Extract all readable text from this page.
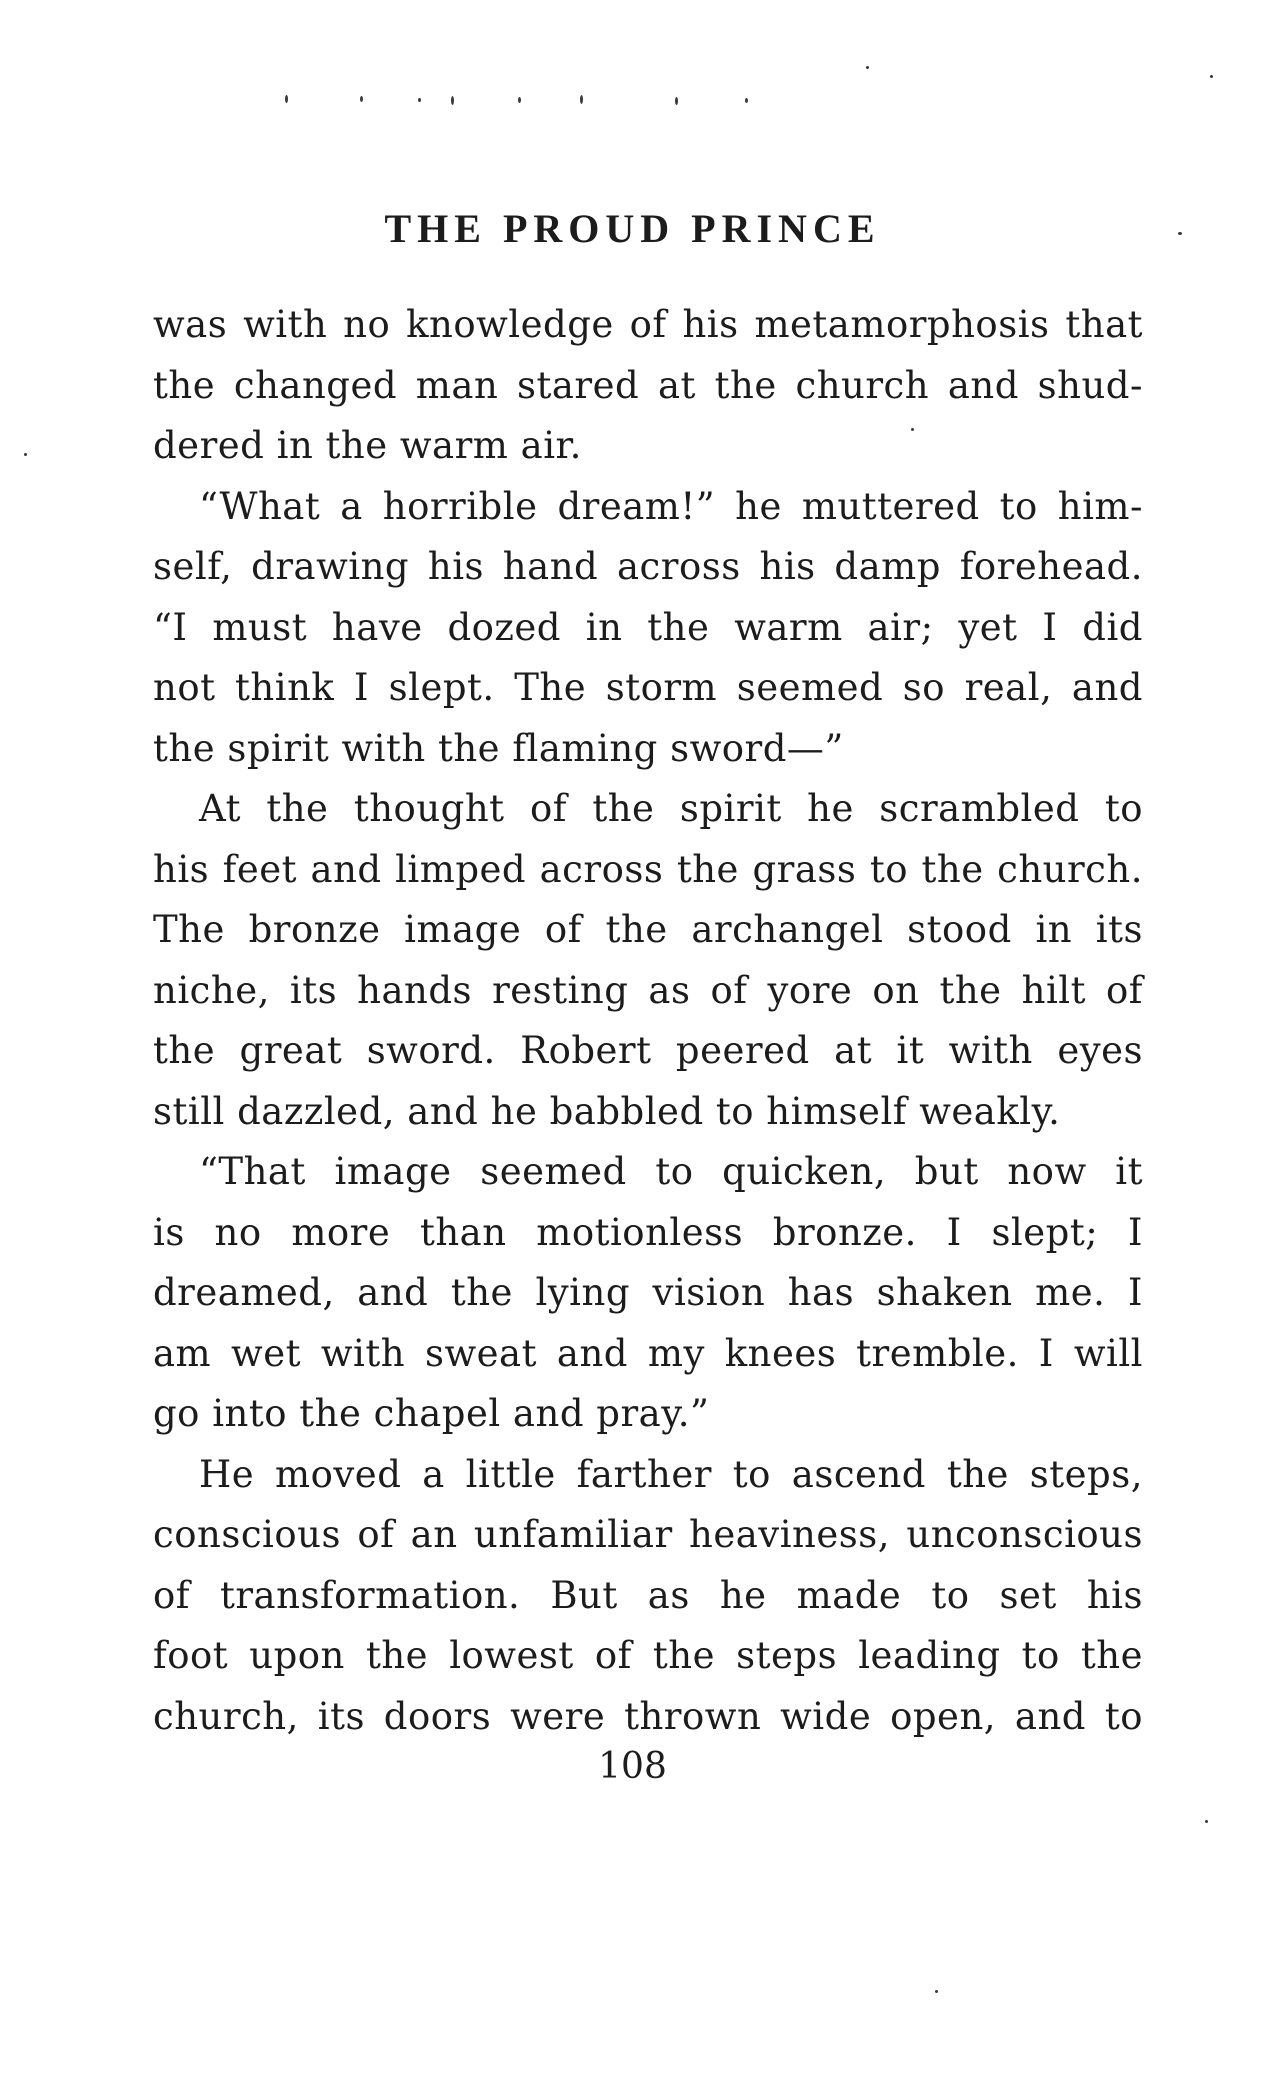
THE PROUD PRINCE
was with no knowledge of his metamorphosis that
the changed man stared at the church and shud-
dered in the warm air.
“What a horrible dream!” he muttered to him-
self, drawing his hand across his damp forehead.
“I must have dozed in the warm air; yet I did
not think I slept. The storm seemed so real, and
the spirit with the flaming sword—”
At the thought of the spirit he scrambled to
his feet and limped across the grass to the church.
The bronze image of the archangel stood in its
niche, its hands resting as of yore on the hilt of
the great sword. Robert peered at it with eyes
still dazzled, and he babbled to himself weakly.
“That image seemed to quicken, but now it
is no more than motionless bronze. I slept; I
dreamed, and the lying vision has shaken me. I
am wet with sweat and my knees tremble. I will
go into the chapel and pray.”
He moved a little farther to ascend the steps,
conscious of an unfamiliar heaviness, unconscious
of transformation. But as he made to set his
foot upon the lowest of the steps leading to the
church, its doors were thrown wide open, and to
108
